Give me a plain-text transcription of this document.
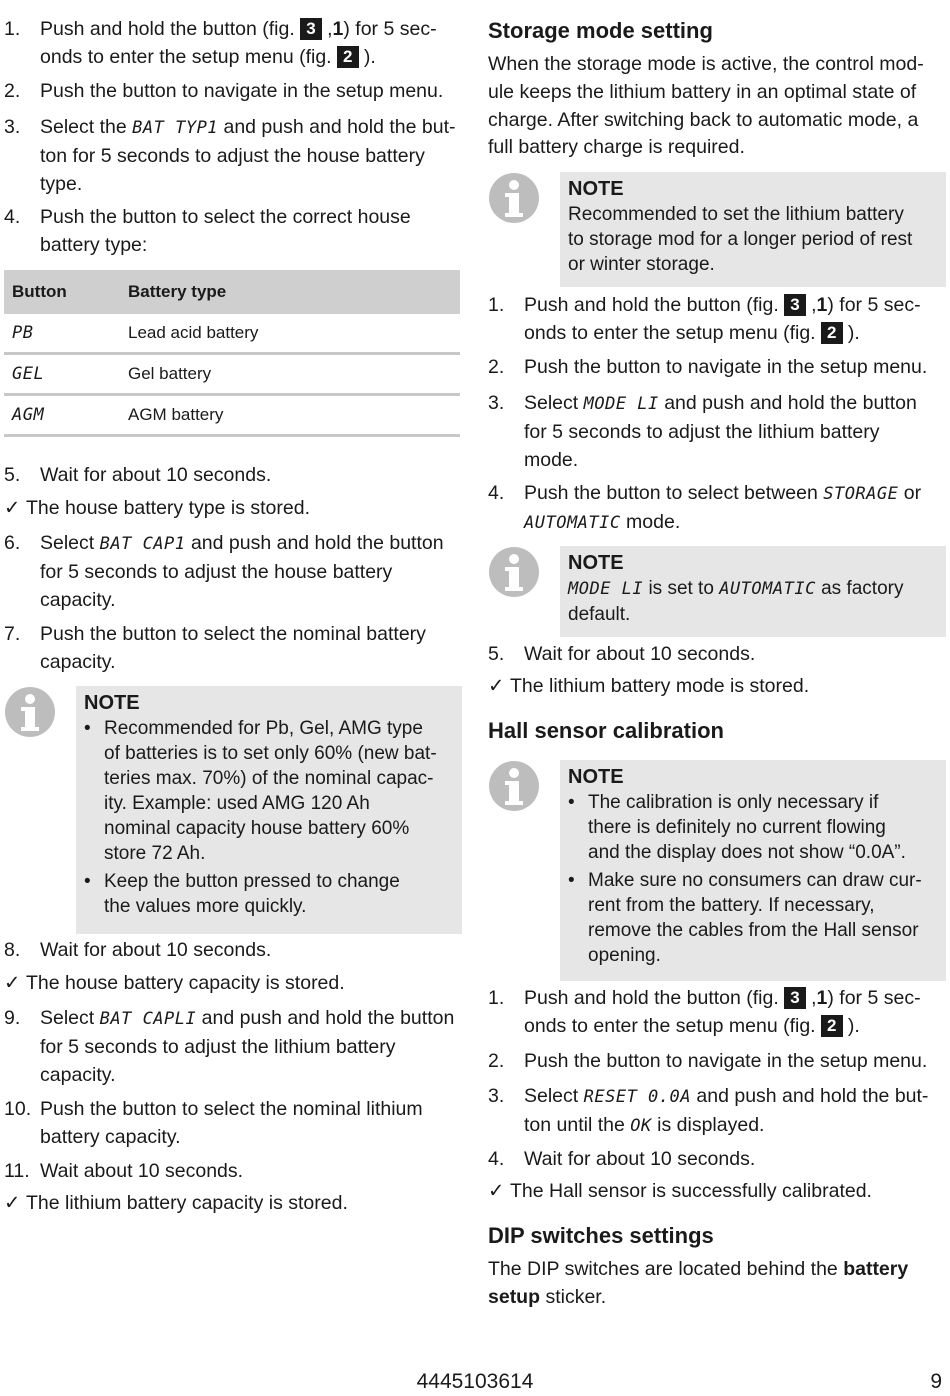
1. Push and hold the button (fig. 3 ,1) for 5 sec-
onds to enter the setup menu (fig. 2 ).
2. Push the button to navigate in the setup menu.
3. Select the BAT TYP1 and push and hold the but-
ton for 5 seconds to adjust the house battery
type.
4. Push the button to select the correct house
battery type:
Button	Battery type
PB	Lead acid battery
GEL	Gel battery
AGM	AGM battery
5. Wait for about 10 seconds.
✓ The house battery type is stored.
6. Select BAT CAP1 and push and hold the button
for 5 seconds to adjust the house battery
capacity.
7. Push the button to select the nominal battery
capacity.
NOTE
• Recommended for Pb, Gel, AMG type
of batteries is to set only 60% (new bat-
teries max. 70%) of the nominal capac-
ity. Example: used AMG 120 Ah
nominal capacity house battery 60%
store 72 Ah.
• Keep the button pressed to change
the values more quickly.
8. Wait for about 10 seconds.
✓ The house battery capacity is stored.
9. Select BAT CAPLI and push and hold the button
for 5 seconds to adjust the lithium battery
capacity.
10. Push the button to select the nominal lithium
battery capacity.
11. Wait about 10 seconds.
✓ The lithium battery capacity is stored.
Storage mode setting

When the storage mode is active, the control mod-
ule keeps the lithium battery in an optimal state of
charge. After switching back to automatic mode, a
full battery charge is required.

NOTE
Recommended to set the lithium battery
to storage mod for a longer period of rest
or winter storage.
1. Push and hold the button (fig. 3 ,1) for 5 sec-
onds to enter the setup menu (fig. 2 ).
2. Push the button to navigate in the setup menu.
3. Select MODE LI and push and hold the button
for 5 seconds to adjust the lithium battery
mode.
4. Push the button to select between STORAGE or
AUTOMATIC mode.
NOTE
MODE LI is set to AUTOMATIC as factory
default.
5. Wait for about 10 seconds.
✓ The lithium battery mode is stored.
Hall sensor calibration
NOTE
• The calibration is only necessary if
there is definitely no current flowing
and the display does not show “0.0A”.
• Make sure no consumers can draw cur-
rent from the battery. If necessary,
remove the cables from the Hall sensor
opening.
1. Push and hold the button (fig. 3 ,1) for 5 sec-
onds to enter the setup menu (fig. 2 ).
2. Push the button to navigate in the setup menu.
3. Select RESET 0.0A and push and hold the but-
ton until the OK is displayed.
4. Wait for about 10 seconds.
✓ The Hall sensor is successfully calibrated.
DIP switches settings

The DIP switches are located behind the battery
setup sticker.

4445103614	9
